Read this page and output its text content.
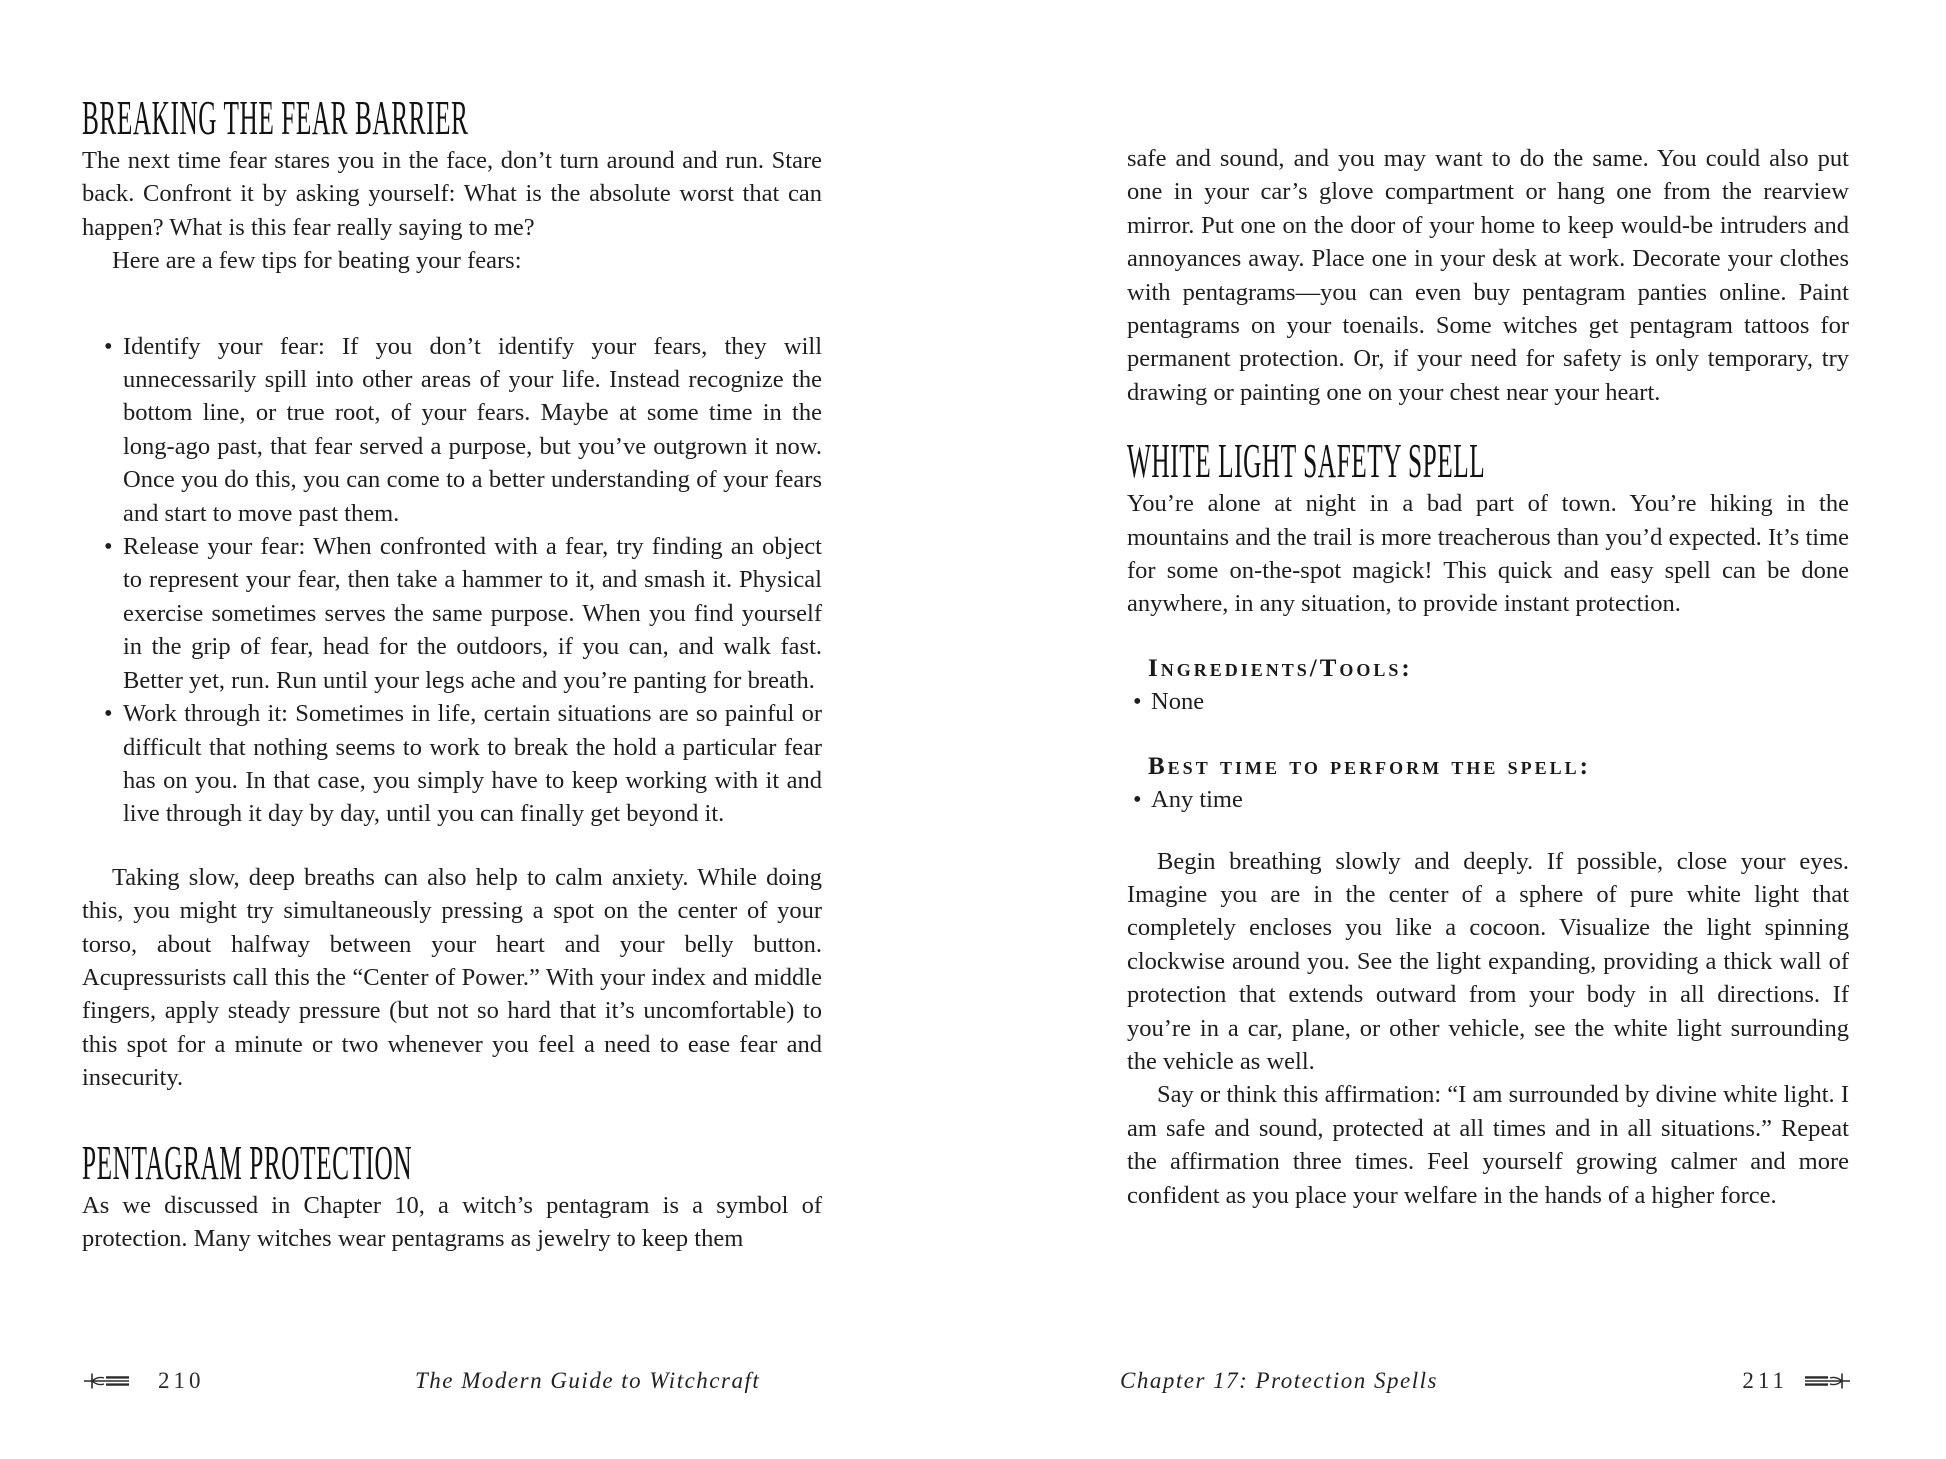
BREAKING THE FEAR BARRIER

The next time fear stares you in the face, don’t turn around and run. Stare back. Confront it by asking yourself: What is the absolute worst that can happen? What is this fear really saying to me?

Here are a few tips for beating your fears:

• Identify your fear: If you don’t identify your fears, they will unnecessarily spill into other areas of your life. Instead recognize the bottom line, or true root, of your fears. Maybe at some time in the long-ago past, that fear served a purpose, but you’ve outgrown it now. Once you do this, you can come to a better understanding of your fears and start to move past them.
• Release your fear: When confronted with a fear, try finding an object to represent your fear, then take a hammer to it, and smash it. Physical exercise sometimes serves the same purpose. When you find yourself in the grip of fear, head for the outdoors, if you can, and walk fast. Better yet, run. Run until your legs ache and you’re panting for breath.
• Work through it: Sometimes in life, certain situations are so painful or difficult that nothing seems to work to break the hold a particular fear has on you. In that case, you simply have to keep working with it and live through it day by day, until you can finally get beyond it.

Taking slow, deep breaths can also help to calm anxiety. While doing this, you might try simultaneously pressing a spot on the center of your torso, about halfway between your heart and your belly button. Acupressurists call this the “Center of Power.” With your index and middle fingers, apply steady pressure (but not so hard that it’s uncomfortable) to this spot for a minute or two whenever you feel a need to ease fear and insecurity.

PENTAGRAM PROTECTION

As we discussed in Chapter 10, a witch’s pentagram is a symbol of protection. Many witches wear pentagrams as jewelry to keep them

safe and sound, and you may want to do the same. You could also put one in your car’s glove compartment or hang one from the rearview mirror. Put one on the door of your home to keep would-be intruders and annoyances away. Place one in your desk at work. Decorate your clothes with pentagrams—you can even buy pentagram panties online. Paint pentagrams on your toenails. Some witches get pentagram tattoos for permanent protection. Or, if your need for safety is only temporary, try drawing or painting one on your chest near your heart.

WHITE LIGHT SAFETY SPELL

You’re alone at night in a bad part of town. You’re hiking in the mountains and the trail is more treacherous than you’d expected. It’s time for some on-the-spot magick! This quick and easy spell can be done anywhere, in any situation, to provide instant protection.

Ingredients/Tools:
• None
Best time to perform the spell:
• Any time

Begin breathing slowly and deeply. If possible, close your eyes. Imagine you are in the center of a sphere of pure white light that completely encloses you like a cocoon. Visualize the light spinning clockwise around you. See the light expanding, providing a thick wall of protection that extends outward from your body in all directions. If you’re in a car, plane, or other vehicle, see the white light surrounding the vehicle as well.

Say or think this affirmation: “I am surrounded by divine white light. I am safe and sound, protected at all times and in all situations.” Repeat the affirmation three times. Feel yourself growing calmer and more confident as you place your welfare in the hands of a higher force.

210	The Modern Guide to Witchcraft	Chapter 17: Protection Spells	211
